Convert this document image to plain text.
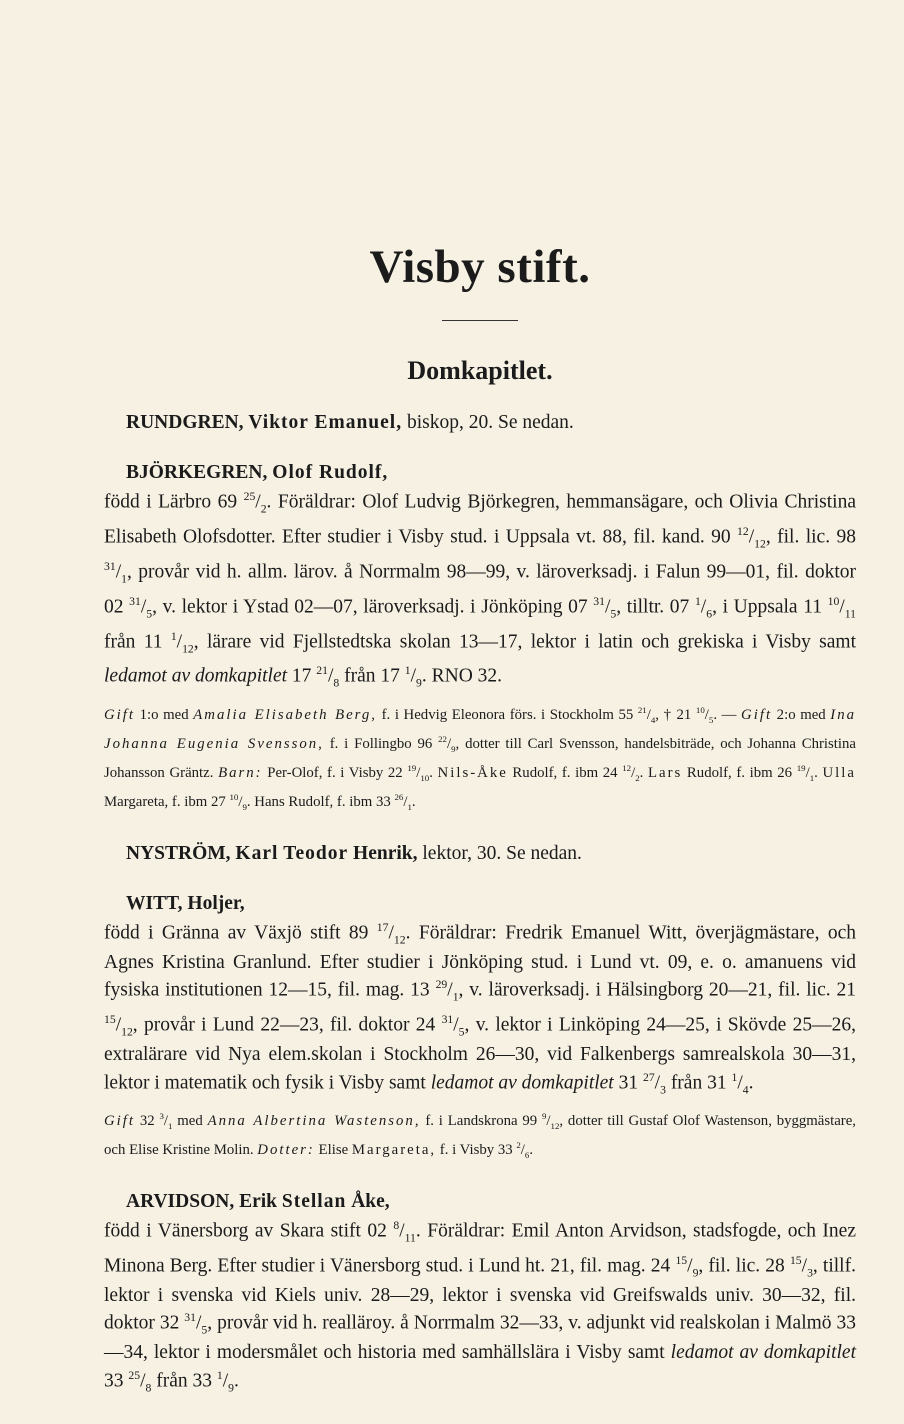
Visby stift.
Domkapitlet.

RUNDGREN, Viktor Emanuel, biskop, 20. Se nedan.

BJÖRKEGREN, Olof Rudolf,

född i Lärbro 69 $^{25}/_2$. Föräldrar: Olof Ludvig Björkegren, hemmansägare, och Olivia Christina Elisabeth Olofsdotter. Efter studier i Visby stud. i Uppsala vt. 88, fil. kand. 90 $^{12}/_{12}$, fil. lic. 98 $^{31}/_1$, provår vid h. allm. lärov. å Norrmalm 98—99, v. läroverksadj. i Falun 99—01, fil. doktor 02 $^{31}/_5$, v. lektor i Ystad 02—07, läroverksadj. i Jönköping 07 $^{31}/_5$, tilltr. 07 $^1/_6$, i Uppsala 11 $^{10}/_{11}$ från 11 $^1/_{12}$, lärare vid Fjellstedtska skolan 13—17, lektor i latin och grekiska i Visby samt ledamot av domkapitlet 17 $^{21}/_8$ från 17 $^1/_9$. RNO 32.

Gift 1:o med Amalia Elisabeth Berg, f. i Hedvig Eleonora förs. i Stockholm 55 $^{21}/_4$, † 21 $^{10}/_5$. — Gift 2:o med Ina Johanna Eugenia Svensson, f. i Follingbo 96 $^{22}/_9$, dotter till Carl Svensson, handelsbiträde, och Johanna Christina Johansson Gräntz. Barn: Per-Olof, f. i Visby 22 $^{19}/_{10}$. Nils-Åke Rudolf, f. ibm 24 $^{12}/_2$. Lars Rudolf, f. ibm 26 $^{19}/_1$. Ulla Margareta, f. ibm 27 $^{10}/_9$. Hans Rudolf, f. ibm 33 $^{26}/_1$.

NYSTRÖM, Karl Teodor Henrik, lektor, 30. Se nedan.

WITT, Holjer,

född i Gränna av Växjö stift 89 $^{17}/_{12}$. Föräldrar: Fredrik Emanuel Witt, överjägmästare, och Agnes Kristina Granlund. Efter studier i Jönköping stud. i Lund vt. 09, e. o. amanuens vid fysiska institutionen 12—15, fil. mag. 13 $^{29}/_1$, v. läroverksadj. i Hälsingborg 20—21, fil. lic. 21 $^{15}/_{12}$, provår i Lund 22—23, fil. doktor 24 $^{31}/_5$, v. lektor i Linköping 24—25, i Skövde 25—26, extralärare vid Nya elem.skolan i Stockholm 26—30, vid Falkenbergs samrealskola 30—31, lektor i matematik och fysik i Visby samt ledamot av domkapitlet 31 $^{27}/_3$ från 31 $^1/_4$.

Gift 32 $^3/_1$ med Anna Albertina Wastenson, f. i Landskrona 99 $^9/_{12}$, dotter till Gustaf Olof Wastenson, byggmästare, och Elise Kristine Molin. Dotter: Elise Margareta, f. i Visby 33 $^2/_6$.

ARVIDSON, Erik Stellan Åke,

född i Vänersborg av Skara stift 02 $^8/_{11}$. Föräldrar: Emil Anton Arvidson, stadsfogde, och Inez Minona Berg. Efter studier i Vänersborg stud. i Lund ht. 21, fil. mag. 24 $^{15}/_9$, fil. lic. 28 $^{15}/_3$, tillf. lektor i svenska vid Kiels univ. 28—29, lektor i svenska vid Greifswalds univ. 30—32, fil. doktor 32 $^{31}/_5$, provår vid h. realläroy. å Norrmalm 32—33, v. adjunkt vid realskolan i Malmö 33—34, lektor i modersmålet och historia med samhällslära i Visby samt ledamot av domkapitlet 33 $^{25}/_8$ från 33 $^1/_9$.
